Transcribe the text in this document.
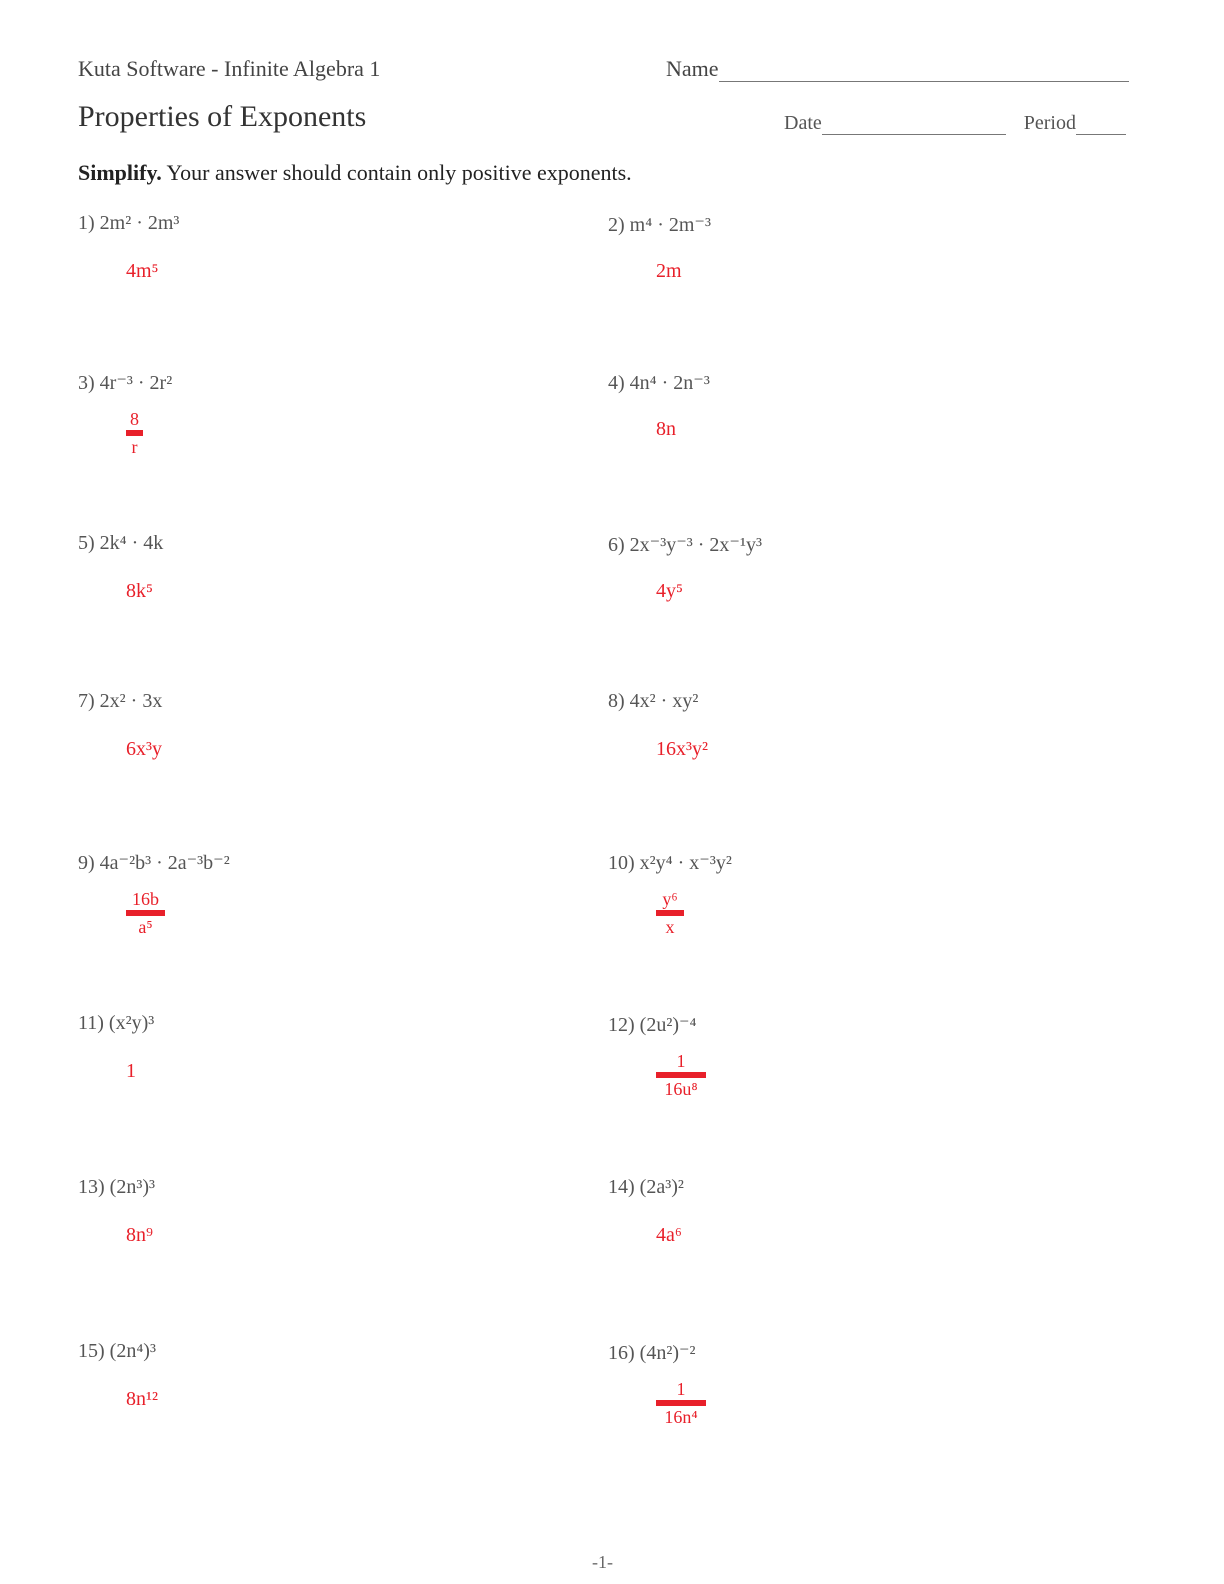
Kuta Software - Infinite Algebra 1	Name
Properties of Exponents	Date	Period
Simplify. Your answer should contain only positive exponents.
1) 2m² · 2m³
4m⁵
2) m⁴ · 2m⁻³
2m
3) 4r⁻³ · 2r²
8
r
4) 4n⁴ · 2n⁻³
8n
5) 2k⁴ · 4k
8k⁵
6) 2x⁻³y⁻³ · 2x⁻¹y³
4y⁵
7) 2x² · 3x
6x³y
8) 4x² · xy²
16x³y²
9) 4a⁻²b³ · 2a⁻³b⁻²
16b
a⁵
10) x²y⁴ · x⁻³y²
y⁶
x
11) (x²y)³
1
12) (2u²)⁻⁴
1
16u⁸
13) (2n³)³
8n⁹
14) (2a³)²
4a⁶
15) (2n⁴)³
8n¹²
16) (4n²)⁻²
1
16n⁴
-1-
